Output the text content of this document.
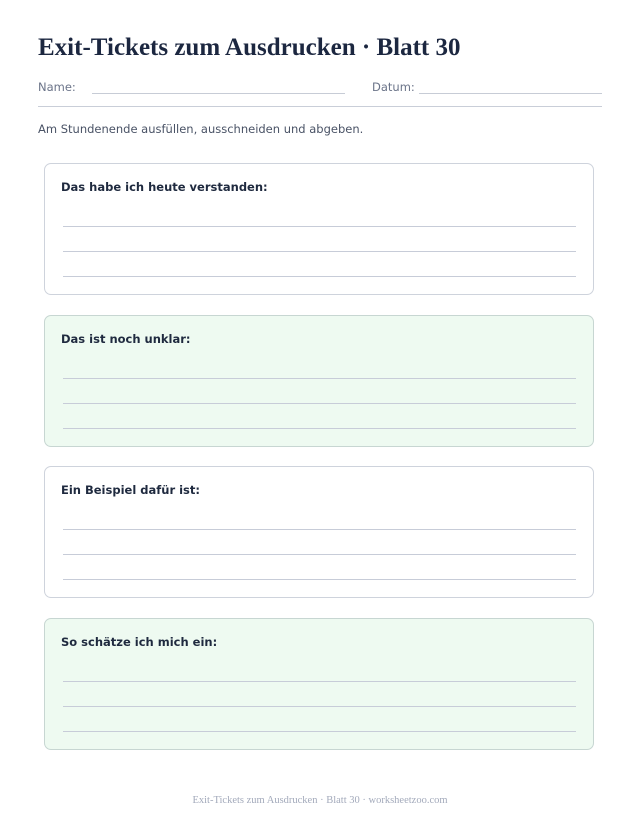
Exit-Tickets zum Ausdrucken · Blatt 30
Name:	Datum:
Am Stundenende ausfüllen, ausschneiden und abgeben.
Das habe ich heute verstanden:
Das ist noch unklar:
Ein Beispiel dafür ist:
So schätze ich mich ein:
Exit-Tickets zum Ausdrucken · Blatt 30 · worksheetzoo.com
